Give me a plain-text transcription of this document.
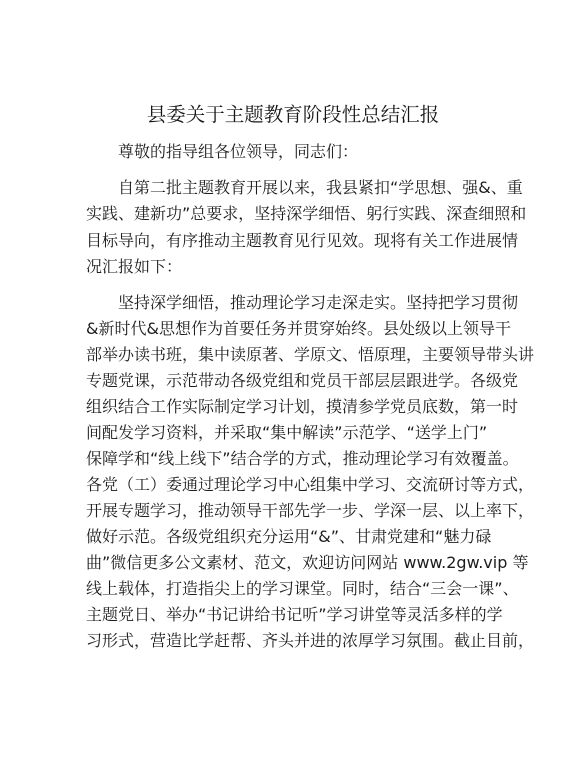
县委关于主题教育阶段性总结汇报
尊敬的指导组各位领导，同志们：
自第二批主题教育开展以来，我县紧扣“学思想、强&、重
实践、建新功”总要求，坚持深学细悟、躬行实践、深查细照和
目标导向，有序推动主题教育见行见效。现将有关工作进展情
况汇报如下：
坚持深学细悟，推动理论学习走深走实。坚持把学习贯彻
&新时代&思想作为首要任务并贯穿始终。县处级以上领导干
部举办读书班，集中读原著、学原文、悟原理，主要领导带头讲
专题党课，示范带动各级党组和党员干部层层跟进学。各级党
组织结合工作实际制定学习计划，摸清参学党员底数，第一时
间配发学习资料，并采取“集中解读”示范学、“送学上门”
保障学和“线上线下”结合学的方式，推动理论学习有效覆盖。
各党（工）委通过理论学习中心组集中学习、交流研讨等方式，
开展专题学习，推动领导干部先学一步、学深一层、以上率下，
做好示范。各级党组织充分运用“&”、甘肃党建和“魅力碌
曲”微信更多公文素材、范文，欢迎访问网站 www.2gw.vip 等
线上载体，打造指尖上的学习课堂。同时，结合“三会一课”、
主题党日、举办“书记讲给书记听”学习讲堂等灵活多样的学
习形式，营造比学赶帮、齐头并进的浓厚学习氛围。截止目前，
